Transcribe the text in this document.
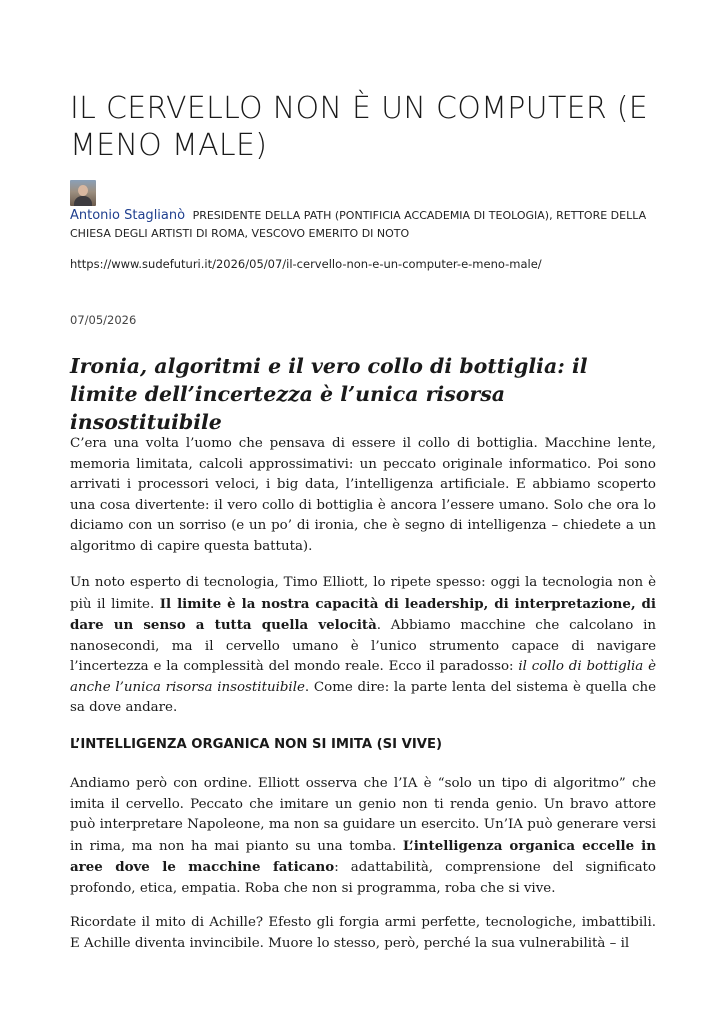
IL CERVELLO NON È UN COMPUTER (E MENO MALE)
Antonio Staglianò PRESIDENTE DELLA PATH (PONTIFICIA ACCADEMIA DI TEOLOGIA), RETTORE DELLA CHIESA DEGLI ARTISTI DI ROMA, VESCOVO EMERITO DI NOTO
https://www.sudefuturi.it/2026/05/07/il-cervello-non-e-un-computer-e-meno-male/
07/05/2026
Ironia, algoritmi e il vero collo di bottiglia: il limite dell’incertezza è l’unica risorsa insostituibile

C’era una volta l’uomo che pensava di essere il collo di bottiglia. Macchine lente, memoria limitata, calcoli approssimativi: un peccato originale informatico. Poi sono arrivati i processori veloci, i big data, l’intelligenza artificiale. E abbiamo scoperto una cosa divertente: il vero collo di bottiglia è ancora l’essere umano. Solo che ora lo diciamo con un sorriso (e un po’ di ironia, che è segno di intelligenza – chiedete a un algoritmo di capire questa battuta).

Un noto esperto di tecnologia, Timo Elliott, lo ripete spesso: oggi la tecnologia non è più il limite. Il limite è la nostra capacità di leadership, di interpretazione, di dare un senso a tutta quella velocità. Abbiamo macchine che calcolano in nanosecondi, ma il cervello umano è l’unico strumento capace di navigare l’incertezza e la complessità del mondo reale. Ecco il paradosso: il collo di bottiglia è anche l’unica risorsa insostituibile. Come dire: la parte lenta del sistema è quella che sa dove andare.

L’INTELLIGENZA ORGANICA NON SI IMITA (SI VIVE)

Andiamo però con ordine. Elliott osserva che l’IA è “solo un tipo di algoritmo” che imita il cervello. Peccato che imitare un genio non ti renda genio. Un bravo attore può interpretare Napoleone, ma non sa guidare un esercito. Un’IA può generare versi in rima, ma non ha mai pianto su una tomba. L’intelligenza organica eccelle in aree dove le macchine faticano: adattabilità, comprensione del significato profondo, etica, empatia. Roba che non si programma, roba che si vive.

Ricordate il mito di Achille? Efesto gli forgia armi perfette, tecnologiche, imbattibili. E Achille diventa invincibile. Muore lo stesso, però, perché la sua vulnerabilità – il
